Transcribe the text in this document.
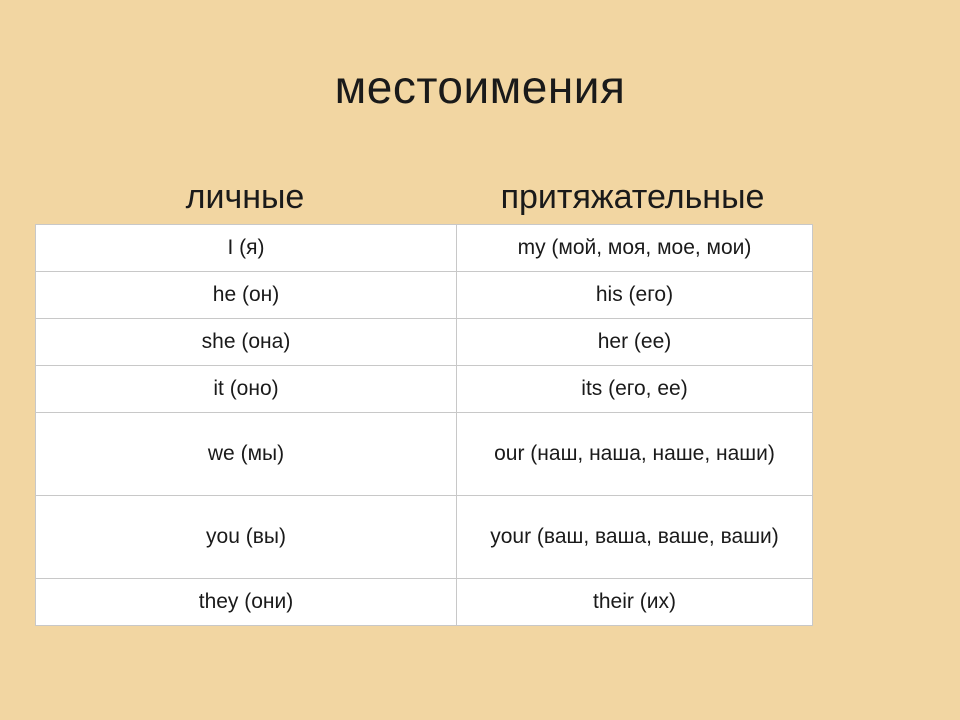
местоимения
личные	притяжательные
I (я)	my (мой, моя, мое, мои)
he (он)	his (его)
she (она)	her (ее)
it (оно)	its (его, ее)
we (мы)	our (наш, наша, наше, наши)
you (вы)	your (ваш, ваша, ваше, ваши)
they (они)	their (их)
